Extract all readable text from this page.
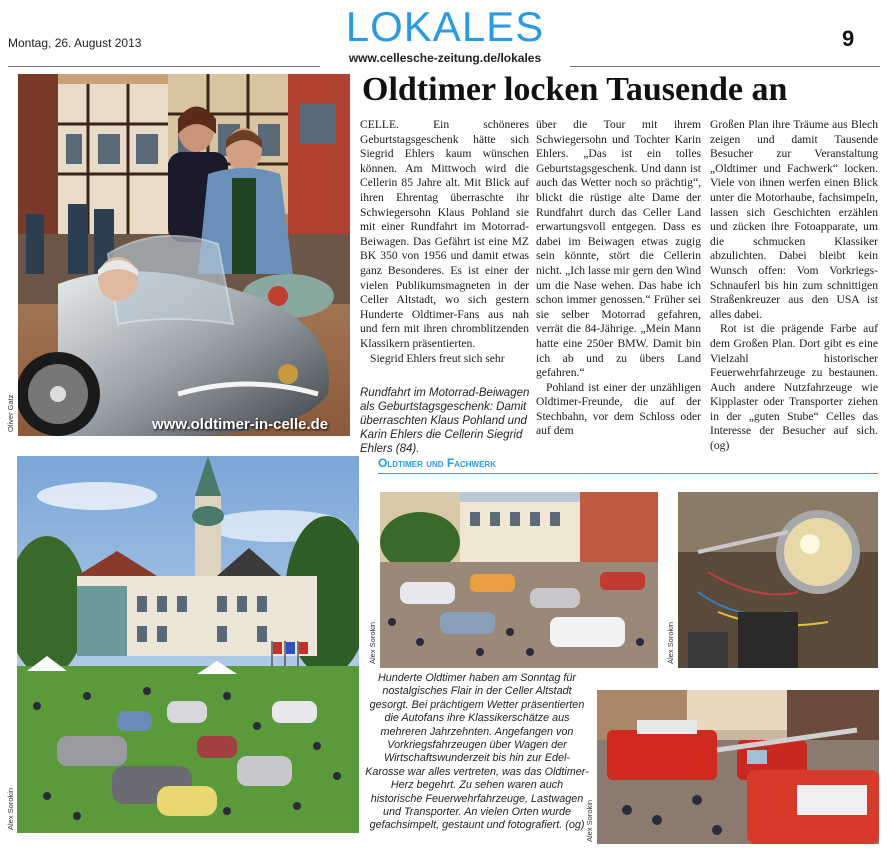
Montag, 26. August 2013	LOKALES
www.cellesche-zeitung.de/lokales
9
www.oldtimer-in-celle.de
Oliver Gatz
Oldtimer locken Tausende an

CELLE. Ein schöneres Geburtstagsgeschenk hätte sich Siegrid Ehlers kaum wünschen können. Am Mittwoch wird die Cellerin 85 Jahre alt. Mit Blick auf ihren Ehrentag überraschte ihr Schwiegersohn Klaus Pohland sie mit einer Rundfahrt im Motorrad-Beiwagen. Das Gefährt ist eine MZ BK 350 von 1956 und damit etwas ganz Besonderes. Es ist einer der vielen Publikumsmagneten in der Celler Altstadt, wo sich gestern Hunderte Oldtimer-Fans aus nah und fern mit ihren chromblitzenden Klassikern präsentierten.

Siegrid Ehlers freut sich sehr

über die Tour mit ihrem Schwiegersohn und Tochter Karin Ehlers. „Das ist ein tolles Geburtstagsgeschenk. Und dann ist auch das Wetter noch so prächtig“, blickt die rüstige alte Dame der Rundfahrt durch das Celler Land erwartungsvoll entgegen. Dass es dabei im Beiwagen etwas zugig sein könnte, stört die Cellerin nicht. „Ich lasse mir gern den Wind um die Nase wehen. Das habe ich schon immer genossen.“ Früher sei sie selber Motorrad gefahren, verrät die 84-Jährige. „Mein Mann hatte eine 250er BMW. Damit bin ich ab und zu übers Land gefahren.“

Pohland ist einer der unzähligen Oldtimer-Freunde, die auf der Stechbahn, vor dem Schloss oder auf dem

Großen Plan ihre Träume aus Blech zeigen und damit Tausende Besucher zur Veranstaltung „Oldtimer und Fachwerk“ locken. Viele von ihnen werfen einen Blick unter die Motorhaube, fachsimpeln, lassen sich Geschichten erzählen und zücken ihre Fotoapparate, um die schmucken Klassiker abzulichten. Dabei bleibt kein Wunsch offen: Vom Vorkriegs-Schnauferl bis hin zum schnittigen Straßenkreuzer aus den USA ist alles dabei.

Rot ist die prägende Farbe auf dem Großen Plan. Dort gibt es eine Vielzahl historischer Feuerwehrfahrzeuge zu bestaunen. Auch andere Nutzfahrzeuge wie Kipplaster oder Transporter ziehen in der „guten Stube“ Celles das Interesse der Besucher auf sich. (og)

Rundfahrt im Motorrad-Beiwagen als Geburtstagsgeschenk: Damit überraschten Klaus Pohland und Karin Ehlers die Cellerin Siegrid Ehlers (84).
Oldtimer und Fachwerk
Alex Sorokin
Alex Sorokin	Alex Sorokin
Hunderte Oldtimer haben am Sonntag für nostalgisches Flair in der Celler Altstadt gesorgt. Bei prächtigem Wetter präsentierten die Autofans ihre Klassikerschätze aus mehreren Jahrzehnten. Angefangen von Vorkriegsfahrzeugen über Wagen der Wirtschaftswunderzeit bis hin zur Edel-Karosse war alles vertreten, was das Oldtimer-Herz begehrt. Zu sehen waren auch historische Feuerwehrfahrzeuge, Lastwagen und Transporter. An vielen Orten wurde gefachsimpelt, gestaunt und fotografiert. (og) Alex Sorokin
